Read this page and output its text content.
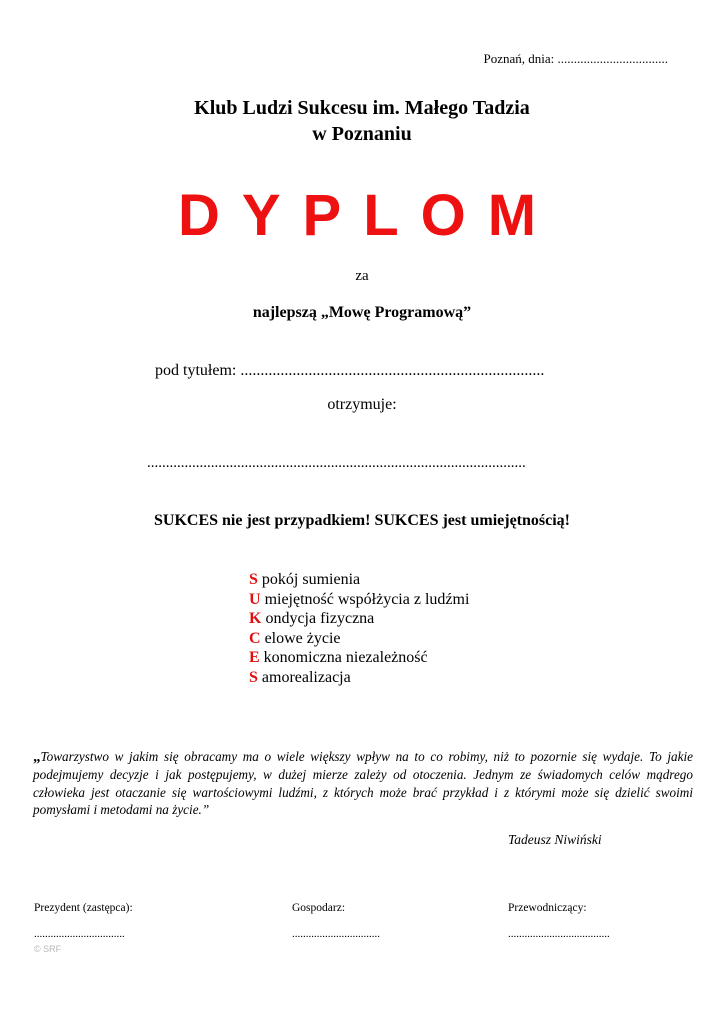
Poznań, dnia: ..................................
Klub Ludzi Sukcesu im. Małego Tadzia
w Poznaniu
DYPLOM
za
najlepszą „Mowę Programową”
pod tytułem: ............................................................................
otrzymuje:
.....................................................................................................
SUKCES nie jest przypadkiem! SUKCES jest umiejętnością!
S pokój sumienia
U miejętność współżycia z ludźmi
K ondycja fizyczna
C elowe życie
E konomiczna niezależność
S amorealizacja
„Towarzystwo w jakim się obracamy ma o wiele większy wpływ na to co robimy, niż to pozornie się wydaje. To jakie podejmujemy decyzje i jak postępujemy, w dużej mierze zależy od otoczenia. Jednym ze świadomych celów mądrego człowieka jest otaczanie się wartościowymi ludźmi, z których może brać przykład i z którymi może się dzielić swoimi pomysłami i metodami na życie.”
Tadeusz Niwiński
Prezydent (zastępca):	Gospodarz:	Przewodniczący:
.................................	................................	.....................................
© SRF
